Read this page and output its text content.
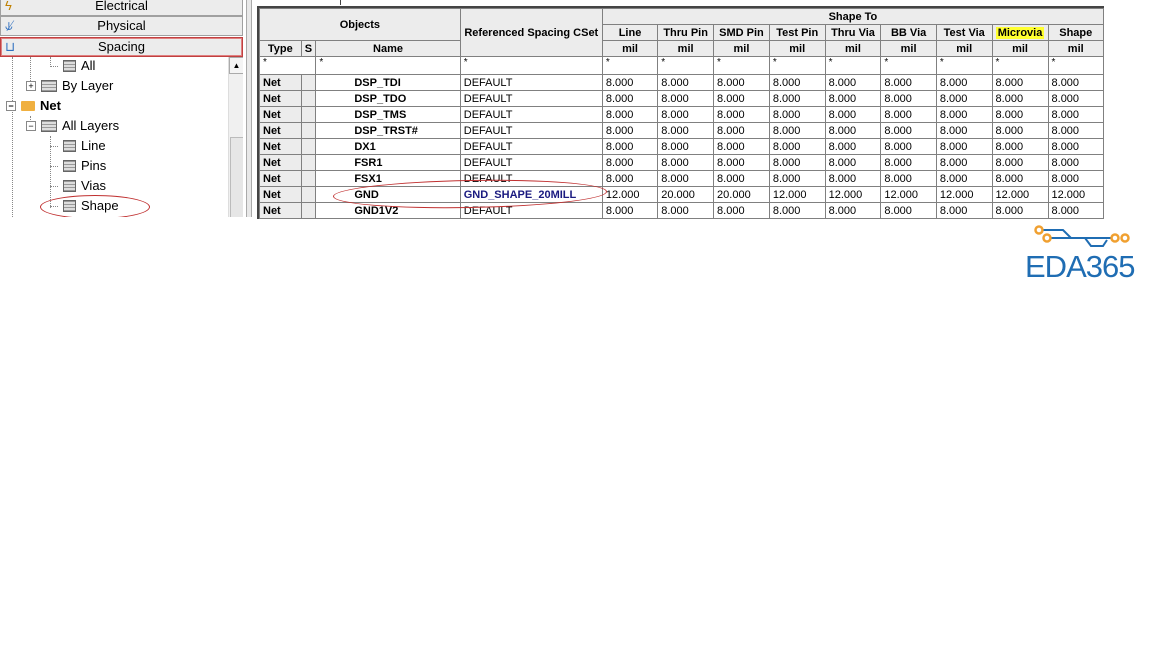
ϟ	Electrical
⫝̸	Physical
⊔	Spacing
All
+ By Layer
− Net
− All Layers
Line
Pins
Vias
Shape
▲
Objects			Referenced Spacing CSet	Shape To								
				Line	Thru Pin	SMD Pin	Test Pin	Thru Via	BB Via	Test Via	Microvia	Shape
Type	S	Name		mil	mil	mil	mil	mil	mil	mil	mil	mil
*		*	*	*	*	*	*	*	*	*	*	*
Net		DSP_TDI	DEFAULT	8.000	8.000	8.000	8.000	8.000	8.000	8.000	8.000	8.000
Net		DSP_TDO	DEFAULT	8.000	8.000	8.000	8.000	8.000	8.000	8.000	8.000	8.000
Net		DSP_TMS	DEFAULT	8.000	8.000	8.000	8.000	8.000	8.000	8.000	8.000	8.000
Net		DSP_TRST#	DEFAULT	8.000	8.000	8.000	8.000	8.000	8.000	8.000	8.000	8.000
Net		DX1	DEFAULT	8.000	8.000	8.000	8.000	8.000	8.000	8.000	8.000	8.000
Net		FSR1	DEFAULT	8.000	8.000	8.000	8.000	8.000	8.000	8.000	8.000	8.000
Net		FSX1	DEFAULT	8.000	8.000	8.000	8.000	8.000	8.000	8.000	8.000	8.000
Net		GND	GND_SHAPE_20MILL	12.000	20.000	20.000	12.000	12.000	12.000	12.000	12.000	12.000
Net		GND1V2	DEFAULT	8.000	8.000	8.000	8.000	8.000	8.000	8.000	8.000	8.000
EDA365
